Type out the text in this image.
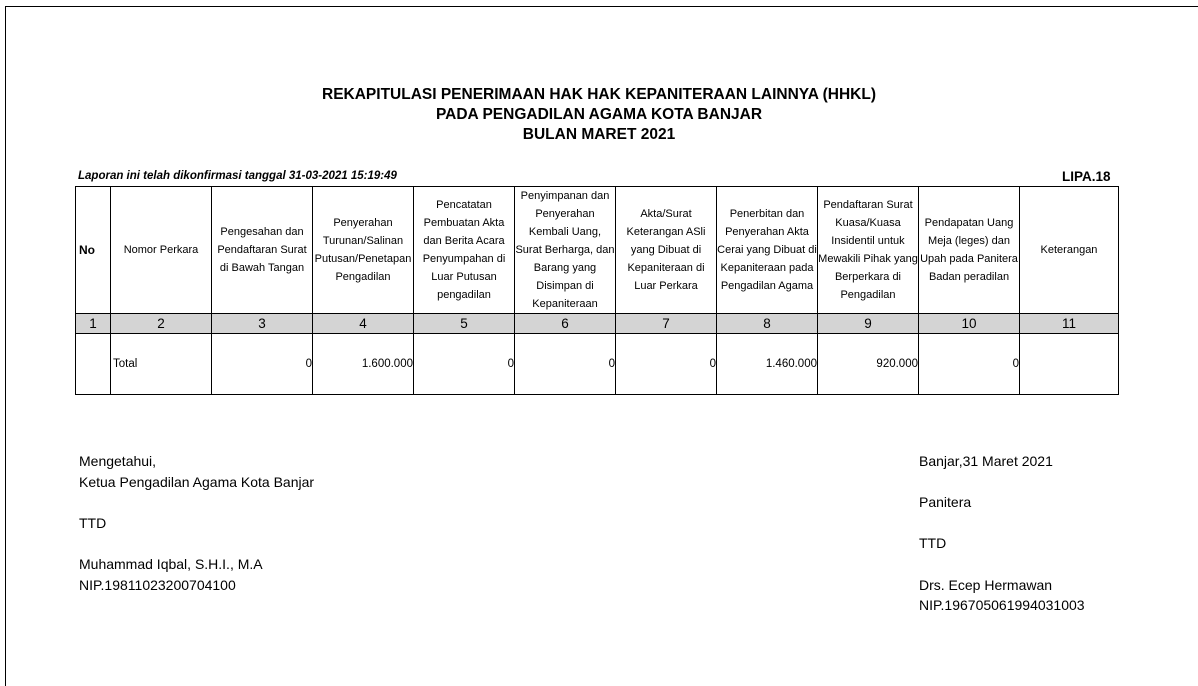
REKAPITULASI PENERIMAAN HAK HAK KEPANITERAAN LAINNYA (HHKL)
PADA PENGADILAN AGAMA KOTA BANJAR
BULAN MARET 2021
Laporan ini telah dikonfirmasi tanggal 31-03-2021 15:19:49	LIPA.18
No	Nomor Perkara	Pengesahan dan Pendaftaran Surat di Bawah Tangan	Penyerahan Turunan/Salinan Putusan/Penetapan Pengadilan	Pencatatan Pembuatan Akta dan Berita Acara Penyumpahan di Luar Putusan pengadilan	Penyimpanan dan Penyerahan Kembali Uang, Surat Berharga, dan Barang yang Disimpan di Kepaniteraan	Akta/Surat Keterangan ASli yang Dibuat di Kepaniteraan di Luar Perkara	Penerbitan dan Penyerahan Akta Cerai yang Dibuat di Kepaniteraan pada Pengadilan Agama	Pendaftaran Surat Kuasa/Kuasa Insidentil untuk Mewakili Pihak yang Berperkara di Pengadilan	Pendapatan Uang Meja (leges) dan Upah pada Panitera Badan peradilan	Keterangan
1	2	3	4	5	6	7	8	9	10	11
	Total	0	1.600.000	0	0	0	1.460.000	920.000	0	
Mengetahui,
Ketua Pengadilan Agama Kota Banjar
TTD
Muhammad Iqbal, S.H.I., M.A
NIP.19811023200704100
Banjar,31 Maret 2021
Panitera
TTD
Drs. Ecep Hermawan
NIP.196705061994031003
